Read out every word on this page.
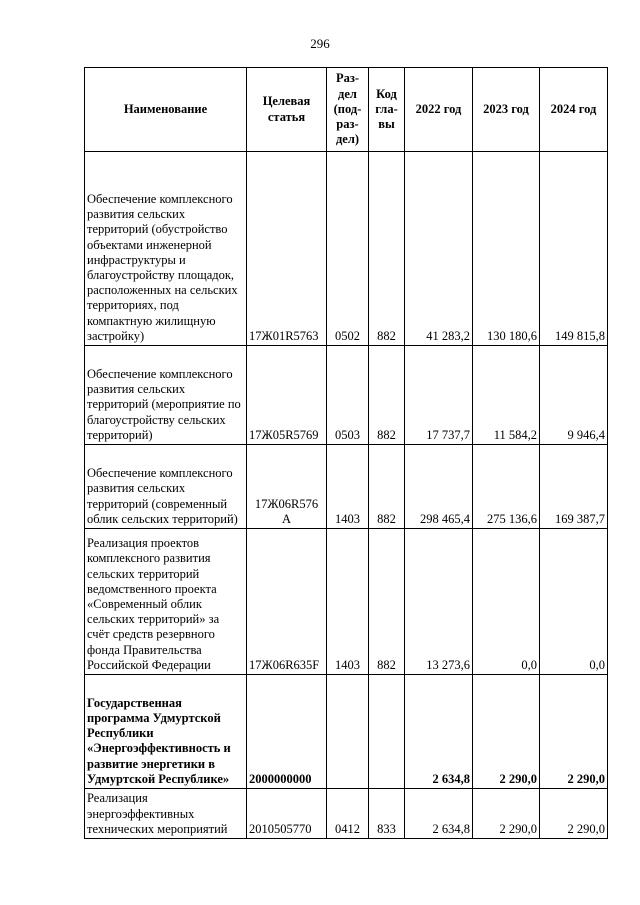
296
Наименование	Целевая статья	Раз-дел (под-раз-дел)	Код гла-вы	2022 год	2023 год	2024 год
Обеспечение комплексного развития сельских территорий (обустройство объектами инженерной инфраструктуры и благоустройству площадок, расположенных на сельских территориях, под компактную жилищную застройку)	17Ж01R5763	0502	882	41 283,2	130 180,6	149 815,8
Обеспечение комплексного развития сельских территорий (мероприятие по благоустройству сельских территорий)	17Ж05R5769	0503	882	17 737,7	11 584,2	9 946,4
Обеспечение комплексного развития сельских территорий (современный облик сельских территорий)	17Ж06R576 А	1403	882	298 465,4	275 136,6	169 387,7
Реализация проектов комплексного развития сельских территорий ведомственного проекта «Современный облик сельских территорий» за счёт средств резервного фонда Правительства Российской Федерации	17Ж06R635F	1403	882	13 273,6	0,0	0,0
Государственная программа Удмуртской Республики «Энергоэффективность и развитие энергетики в Удмуртской Республике»	2000000000			2 634,8	2 290,0	2 290,0
Реализация энергоэффективных технических мероприятий	2010505770	0412	833	2 634,8	2 290,0	2 290,0
